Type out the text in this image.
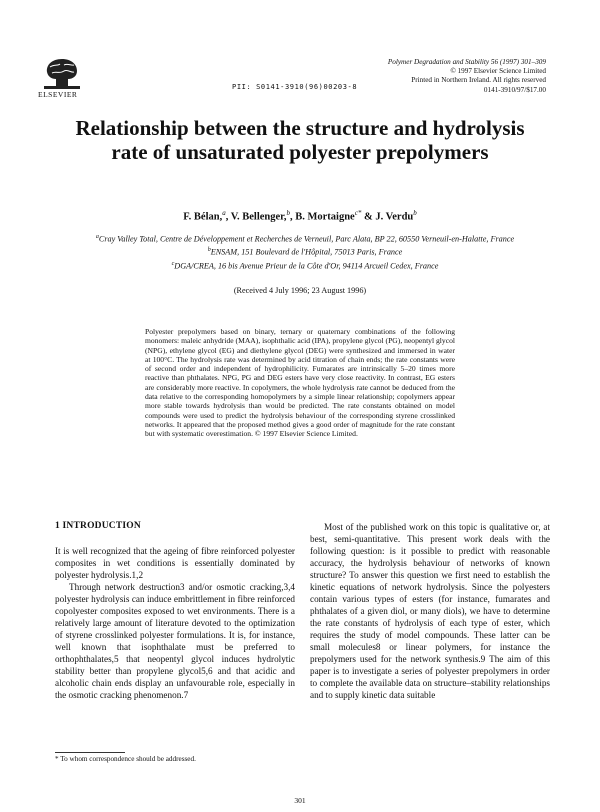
ELSEVIER
PII: S0141-3910(96)00203-8
Polymer Degradation and Stability 56 (1997) 301–309
© 1997 Elsevier Science Limited
Printed in Northern Ireland. All rights reserved
0141-3910/97/$17.00
Relationship between the structure and hydrolysis rate of unsaturated polyester prepolymers
F. Bélan,$^a$, V. Bellenger,$^b$, B. Mortaigne$^{c*}$ & J. Verdu$^b$
$^a$Cray Valley Total, Centre de Développement et Recherches de Verneuil, Parc Alata, BP 22, 60550 Verneuil-en-Halatte, France
$^b$ENSAM, 151 Boulevard de l'Hôpital, 75013 Paris, France
$^c$DGA/CREA, 16 bis Avenue Prieur de la Côte d'Or, 94114 Arcueil Cedex, France
(Received 4 July 1996; 23 August 1996)
Polyester prepolymers based on binary, ternary or quaternary combinations of the following monomers: maleic anhydride (MAA), isophthalic acid (IPA), propylene glycol (PG), neopentyl glycol (NPG), ethylene glycol (EG) and diethylene glycol (DEG) were synthesized and immersed in water at 100°C. The hydrolysis rate was determined by acid titration of chain ends; the rate constants were of second order and independent of hydrophilicity. Fumarates are intrinsically 5–20 times more reactive than phthalates. NPG, PG and DEG esters have very close reactivity. In contrast, EG esters are considerably more reactive. In copolymers, the whole hydrolysis rate cannot be deduced from the data relative to the corresponding homopolymers by a simple linear relationship; copolymers appear more stable towards hydrolysis than would be predicted. The rate constants obtained on model compounds were used to predict the hydrolysis behaviour of the corresponding styrene crosslinked networks. It appeared that the proposed method gives a good order of magnitude for the rate constant but with systematic overestimation. © 1997 Elsevier Science Limited.
1 INTRODUCTION

It is well recognized that the ageing of fibre reinforced polyester composites in wet conditions is essentially dominated by polyester hydrolysis.1,2

Through network destruction3 and/or osmotic cracking,3,4 polyester hydrolysis can induce embrittlement in fibre reinforced copolyester composites exposed to wet environments. There is a relatively large amount of literature devoted to the optimization of styrene crosslinked polyester formulations. It is, for instance, well known that isophthalate must be preferred to orthophthalates,5 that neopentyl glycol induces hydrolytic stability better than propylene glycol5,6 and that acidic and alcoholic chain ends display an unfavourable role, especially in the osmotic cracking phenomenon.7

Most of the published work on this topic is qualitative or, at best, semi-quantitative. This present work deals with the following question: is it possible to predict with reasonable accuracy, the hydrolysis behaviour of networks of known structure? To answer this question we first need to establish the kinetic equations of network hydrolysis. Since the polyesters contain various types of esters (for instance, fumarates and phthalates of a given diol, or many diols), we have to determine the rate constants of hydrolysis of each type of ester, which requires the study of model compounds. These latter can be small molecules8 or linear polymers, for instance the prepolymers used for the network synthesis.9 The aim of this paper is to investigate a series of polyester prepolymers in order to complete the available data on structure–stability relationships and to supply kinetic data suitable

* To whom correspondence should be addressed.
301
